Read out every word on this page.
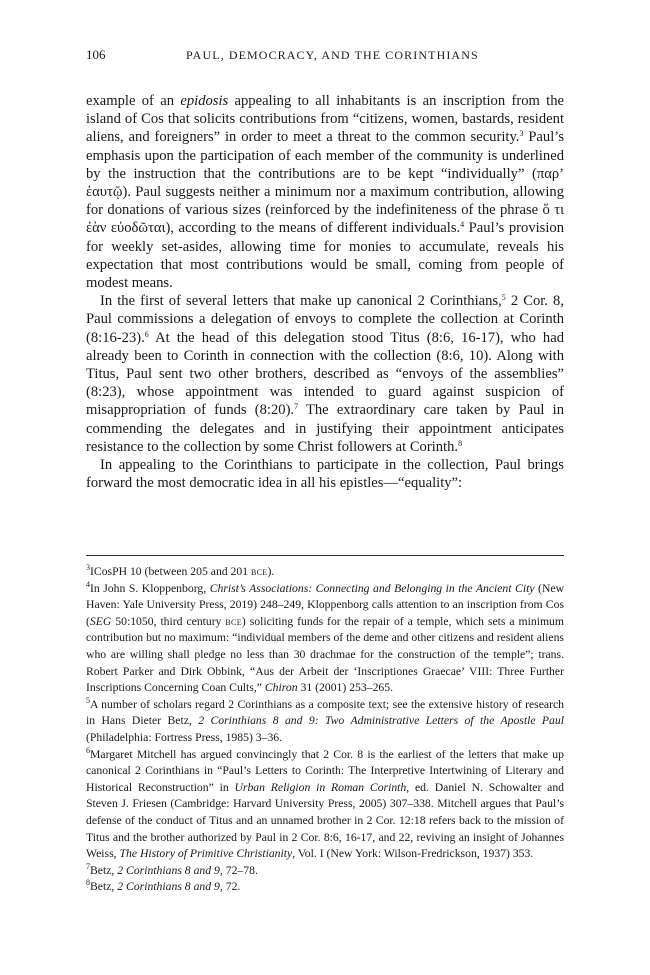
106	PAUL, DEMOCRACY, AND THE CORINTHIANS

example of an epidosis appealing to all inhabitants is an inscription from the island of Cos that solicits contributions from “citizens, women, bastards, resident aliens, and foreigners” in order to meet a threat to the common security.$^3$ Paul’s emphasis upon the participation of each member of the community is underlined by the instruction that the contributions are to be kept “individually” (παρ’ ἑαυτῷ). Paul suggests neither a minimum nor a maximum contribution, allowing for donations of various sizes (reinforced by the indefiniteness of the phrase ὅ τι ἐὰν εὐοδῶται), according to the means of different individuals.$^4$ Paul’s provision for weekly set-asides, allowing time for monies to accumulate, reveals his expectation that most contributions would be small, coming from people of modest means.

In the first of several letters that make up canonical 2 Corinthians,$^5$ 2 Cor. 8, Paul commissions a delegation of envoys to complete the collection at Corinth (8:16-23).$^6$ At the head of this delegation stood Titus (8:6, 16-17), who had already been to Corinth in connection with the collection (8:6, 10). Along with Titus, Paul sent two other brothers, described as “envoys of the assemblies” (8:23), whose appointment was intended to guard against suspicion of misappropriation of funds (8:20).$^7$ The extraordinary care taken by Paul in commending the delegates and in justifying their appointment anticipates resistance to the collection by some Christ followers at Corinth.$^8$

In appealing to the Corinthians to participate in the collection, Paul brings forward the most democratic idea in all his epistles—“equality”:

$^3$ICosPH 10 (between 205 and 201 bce).

$^4$In John S. Kloppenborg, Christ’s Associations: Connecting and Belonging in the Ancient City (New Haven: Yale University Press, 2019) 248–249, Kloppenborg calls attention to an inscription from Cos (SEG 50:1050, third century bce) soliciting funds for the repair of a temple, which sets a minimum contribution but no maximum: “individual members of the deme and other citizens and resident aliens who are willing shall pledge no less than 30 drachmae for the construction of the temple”; trans. Robert Parker and Dirk Obbink, “Aus der Arbeit der ‘Inscriptiones Graecae’ VIII: Three Further Inscriptions Concerning Coan Cults,” Chiron 31 (2001) 253–265.

$^5$A number of scholars regard 2 Corinthians as a composite text; see the extensive history of research in Hans Dieter Betz, 2 Corinthians 8 and 9: Two Administrative Letters of the Apostle Paul (Philadelphia: Fortress Press, 1985) 3–36.

$^6$Margaret Mitchell has argued convincingly that 2 Cor. 8 is the earliest of the letters that make up canonical 2 Corinthians in “Paul’s Letters to Corinth: The Interpretive Intertwining of Literary and Historical Reconstruction” in Urban Religion in Roman Corinth, ed. Daniel N. Schowalter and Steven J. Friesen (Cambridge: Harvard University Press, 2005) 307–338. Mitchell argues that Paul’s defense of the conduct of Titus and an unnamed brother in 2 Cor. 12:18 refers back to the mission of Titus and the brother authorized by Paul in 2 Cor. 8:6, 16-17, and 22, reviving an insight of Johannes Weiss, The History of Primitive Christianity, Vol. I (New York: Wilson-Fredrickson, 1937) 353.

$^7$Betz, 2 Corinthians 8 and 9, 72–78.

$^8$Betz, 2 Corinthians 8 and 9, 72.
